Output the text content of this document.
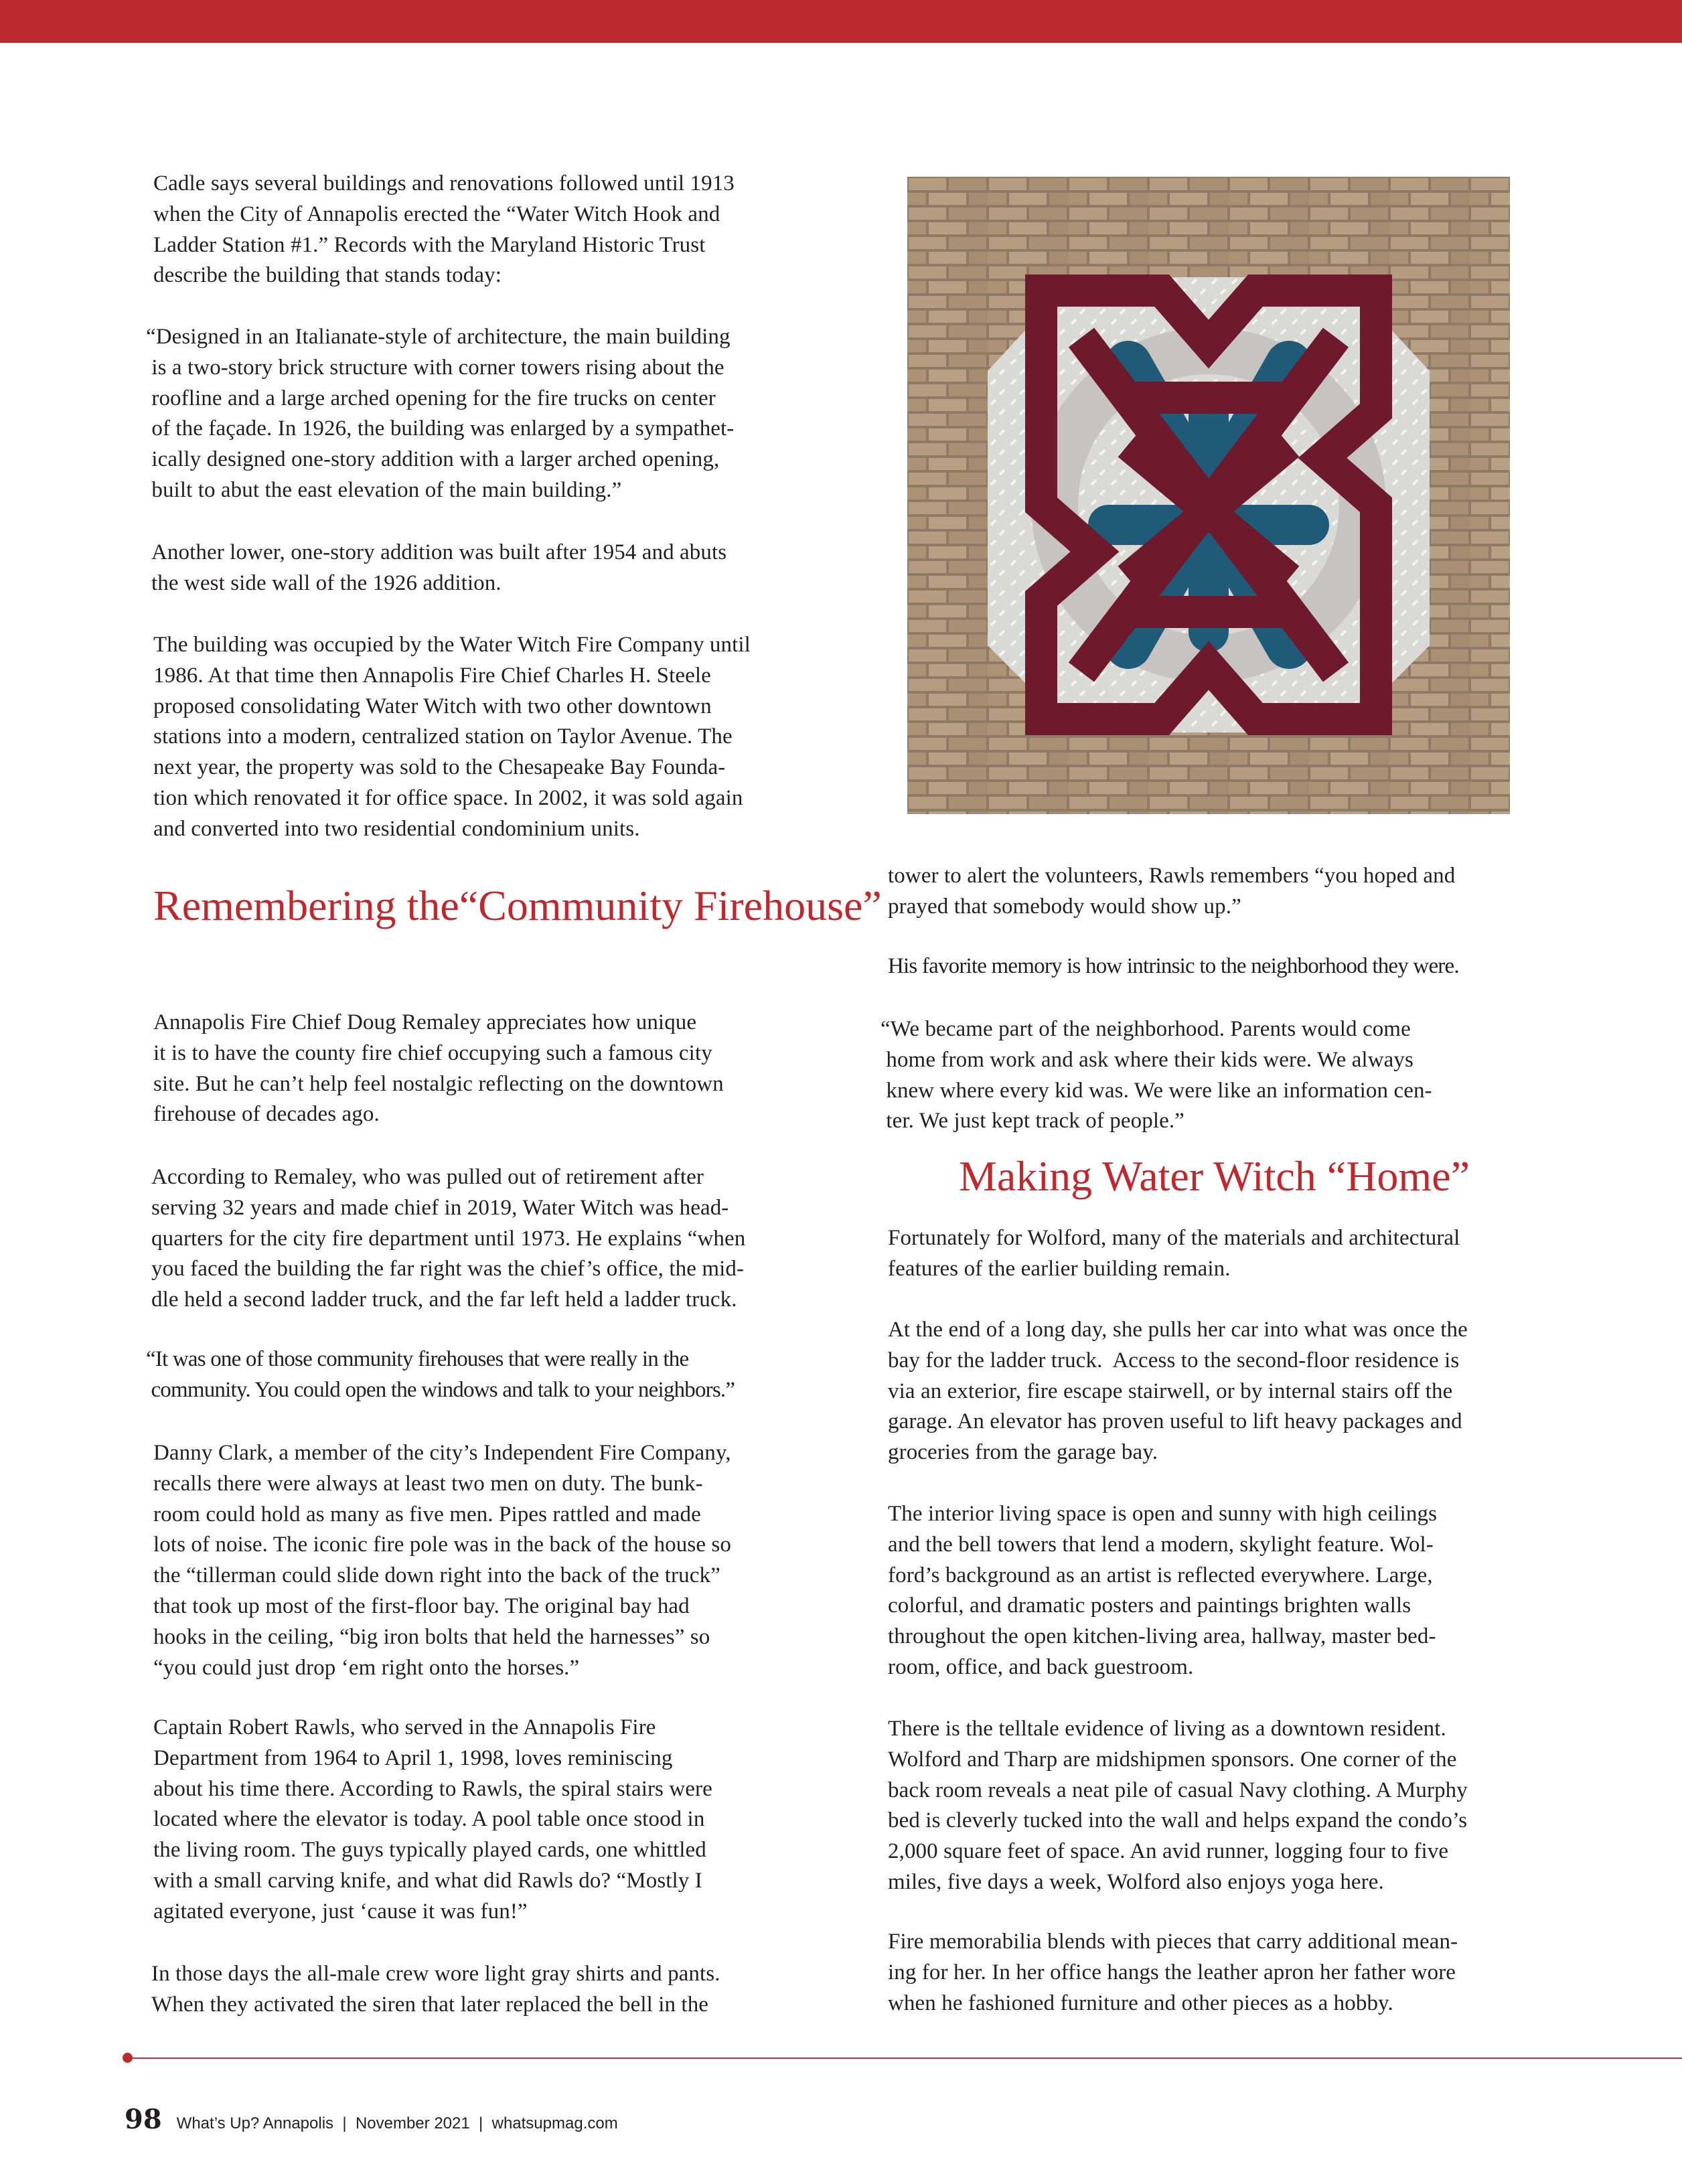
Cadle says several buildings and renovations followed until 1913
when the City of Annapolis erected the “Water Witch Hook and
Ladder Station #1.” Records with the Maryland Historic Trust
describe the building that stands today:
“Designed in an Italianate-style of architecture, the main building
is a two-story brick structure with corner towers rising about the
roofline and a large arched opening for the fire trucks on center
of the façade. In 1926, the building was enlarged by a sympathet-
ically designed one-story addition with a larger arched opening,
built to abut the east elevation of the main building.”
Another lower, one-story addition was built after 1954 and abuts
the west side wall of the 1926 addition.
The building was occupied by the Water Witch Fire Company until
1986. At that time then Annapolis Fire Chief Charles H. Steele
proposed consolidating Water Witch with two other downtown
stations into a modern, centralized station on Taylor Avenue. The
next year, the property was sold to the Chesapeake Bay Founda-
tion which renovated it for office space. In 2002, it was sold again
and converted into two residential condominium units.
Remembering the“Community Firehouse”
Annapolis Fire Chief Doug Remaley appreciates how unique
it is to have the county fire chief occupying such a famous city
site. But he can’t help feel nostalgic reflecting on the downtown
firehouse of decades ago.
According to Remaley, who was pulled out of retirement after
serving 32 years and made chief in 2019, Water Witch was head-
quarters for the city fire department until 1973. He explains “when
you faced the building the far right was the chief’s office, the mid-
dle held a second ladder truck, and the far left held a ladder truck.
“It was one of those community firehouses that were really in the
community. You could open the windows and talk to your neighbors.”
Danny Clark, a member of the city’s Independent Fire Company,
recalls there were always at least two men on duty. The bunk-
room could hold as many as five men. Pipes rattled and made
lots of noise. The iconic fire pole was in the back of the house so
the “tillerman could slide down right into the back of the truck”
that took up most of the first-floor bay. The original bay had
hooks in the ceiling, “big iron bolts that held the harnesses” so
“you could just drop ‘em right onto the horses.”
Captain Robert Rawls, who served in the Annapolis Fire
Department from 1964 to April 1, 1998, loves reminiscing
about his time there. According to Rawls, the spiral stairs were
located where the elevator is today. A pool table once stood in
the living room. The guys typically played cards, one whittled
with a small carving knife, and what did Rawls do? “Mostly I
agitated everyone, just ‘cause it was fun!”
In those days the all-male crew wore light gray shirts and pants.
When they activated the siren that later replaced the bell in the
tower to alert the volunteers, Rawls remembers “you hoped and
prayed that somebody would show up.”
His favorite memory is how intrinsic to the neighborhood they were.
“We became part of the neighborhood. Parents would come
home from work and ask where their kids were. We always
knew where every kid was. We were like an information cen-
ter. We just kept track of people.”
Making Water Witch “Home”
Fortunately for Wolford, many of the materials and architectural
features of the earlier building remain.
At the end of a long day, she pulls her car into what was once the
bay for the ladder truck.  Access to the second-floor residence is
via an exterior, fire escape stairwell, or by internal stairs off the
garage. An elevator has proven useful to lift heavy packages and
groceries from the garage bay.
The interior living space is open and sunny with high ceilings
and the bell towers that lend a modern, skylight feature. Wol-
ford’s background as an artist is reflected everywhere. Large,
colorful, and dramatic posters and paintings brighten walls
throughout the open kitchen-living area, hallway, master bed-
room, office, and back guestroom.
There is the telltale evidence of living as a downtown resident.
Wolford and Tharp are midshipmen sponsors. One corner of the
back room reveals a neat pile of casual Navy clothing. A Murphy
bed is cleverly tucked into the wall and helps expand the condo’s
2,000 square feet of space. An avid runner, logging four to five
miles, five days a week, Wolford also enjoys yoga here.
Fire memorabilia blends with pieces that carry additional mean-
ing for her. In her office hangs the leather apron her father wore
when he fashioned furniture and other pieces as a hobby.
98 What’s Up? Annapolis  |  November 2021  |  whatsupmag.com
